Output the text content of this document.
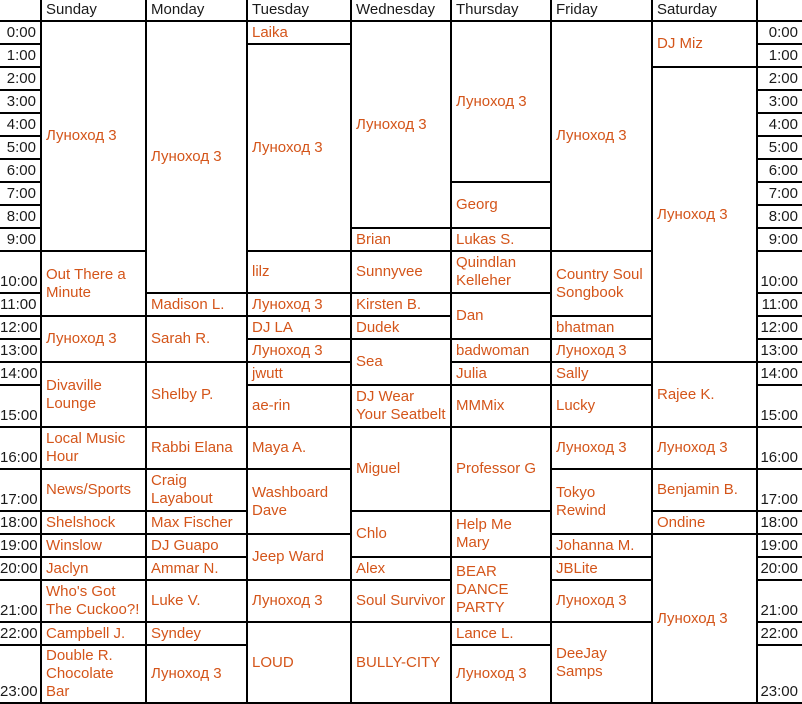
	Sunday	Monday	Tuesday	Wednesday	Thursday	Friday	Saturday	
0:00	Луноход 3	Луноход 3	Laika	Луноход 3	Луноход 3	Луноход 3	DJ Miz	0:00
1:00			Луноход 3					1:00
2:00							Луноход 3	2:00
3:00								3:00
4:00								4:00
5:00								5:00
6:00								6:00
7:00					Georg			7:00
8:00								8:00
9:00				Brian	Lukas S.			9:00
10:00	Out There a Minute		lilz	Sunnyvee	Quindlan Kelleher	Country Soul Songbook		10:00
11:00		Madison L.	Луноход 3	Kirsten B.	Dan			11:00
12:00	Луноход 3	Sarah R.	DJ LA	Dudek		bhatman		12:00
13:00			Луноход 3	Sea	badwoman	Луноход 3		13:00
14:00	Divaville Lounge	Shelby P.	jwutt		Julia	Sally	Rajee K.	14:00
15:00			ae-rin	DJ Wear Your Seatbelt	MMMix	Lucky		15:00
16:00	Local Music Hour	Rabbi Elana	Maya A.	Miguel	Professor G	Луноход 3	Луноход 3	16:00
17:00	News/Sports	Craig Layabout	Washboard Dave			Tokyo Rewind	Benjamin B.	17:00
18:00	Shelshock	Max Fischer		Chlo	Help Me Mary		Ondine	18:00
19:00	Winslow	DJ Guapo	Jeep Ward			Johanna M.	Луноход 3	19:00
20:00	Jaclyn	Ammar N.		Alex	BEAR DANCE PARTY	JBLite		20:00
21:00	Who's Got The Cuckoo?!	Luke V.	Луноход 3	Soul Survivor		Луноход 3		21:00
22:00	Campbell J.	Syndey	LOUD	BULLY-CITY	Lance L.	DeeJay Samps		22:00
23:00	Double R. Chocolate Bar	Луноход 3			Луноход 3			23:00
